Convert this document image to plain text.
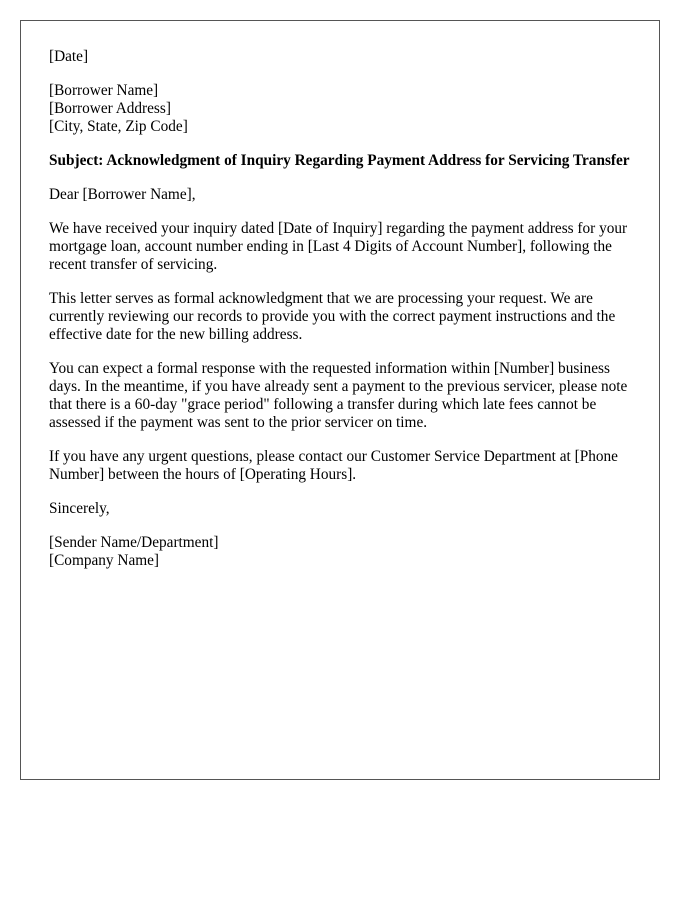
[Date]
[Borrower Name]
[Borrower Address]
[City, State, Zip Code]
Subject: Acknowledgment of Inquiry Regarding Payment Address for Servicing Transfer

Dear [Borrower Name],

We have received your inquiry dated [Date of Inquiry] regarding the payment address for your mortgage loan, account number ending in [Last 4 Digits of Account Number], following the recent transfer of servicing.

This letter serves as formal acknowledgment that we are processing your request. We are currently reviewing our records to provide you with the correct payment instructions and the effective date for the new billing address.

You can expect a formal response with the requested information within [Number] business days. In the meantime, if you have already sent a payment to the previous servicer, please note that there is a 60-day "grace period" following a transfer during which late fees cannot be assessed if the payment was sent to the prior servicer on time.

If you have any urgent questions, please contact our Customer Service Department at [Phone Number] between the hours of [Operating Hours].

Sincerely,

[Sender Name/Department]
[Company Name]
